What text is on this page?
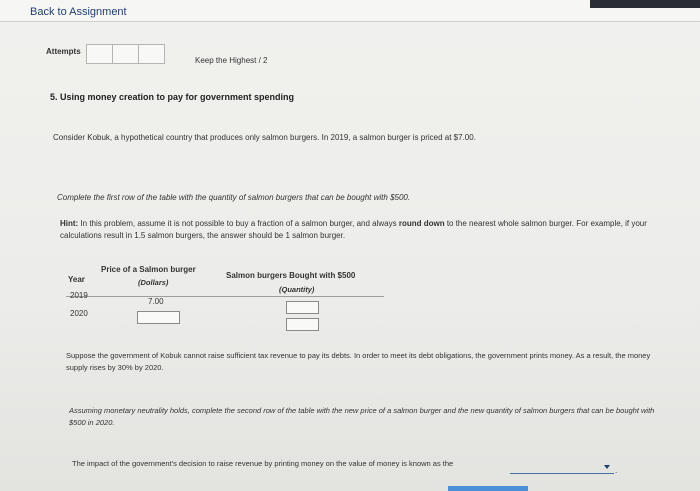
Back to Assignment
Attempts
Keep the Highest / 2
5. Using money creation to pay for government spending
Consider Kobuk, a hypothetical country that produces only salmon burgers. In 2019, a salmon burger is priced at $7.00.
Complete the first row of the table with the quantity of salmon burgers that can be bought with $500.
Hint: In this problem, assume it is not possible to buy a fraction of a salmon burger, and always round down to the nearest whole salmon burger. For example, if your calculations result in 1.5 salmon burgers, the answer should be 1 salmon burger.
Price of a Salmon burger
(Dollars)
Salmon burgers Bought with $500
(Quantity)
Year
2019
7.00
2020
Suppose the government of Kobuk cannot raise sufficient tax revenue to pay its debts. In order to meet its debt obligations, the government prints money. As a result, the money supply rises by 30% by 2020.
Assuming monetary neutrality holds, complete the second row of the table with the new price of a salmon burger and the new quantity of salmon burgers that can be bought with $500 in 2020.
The impact of the government's decision to raise revenue by printing money on the value of money is known as the
.
